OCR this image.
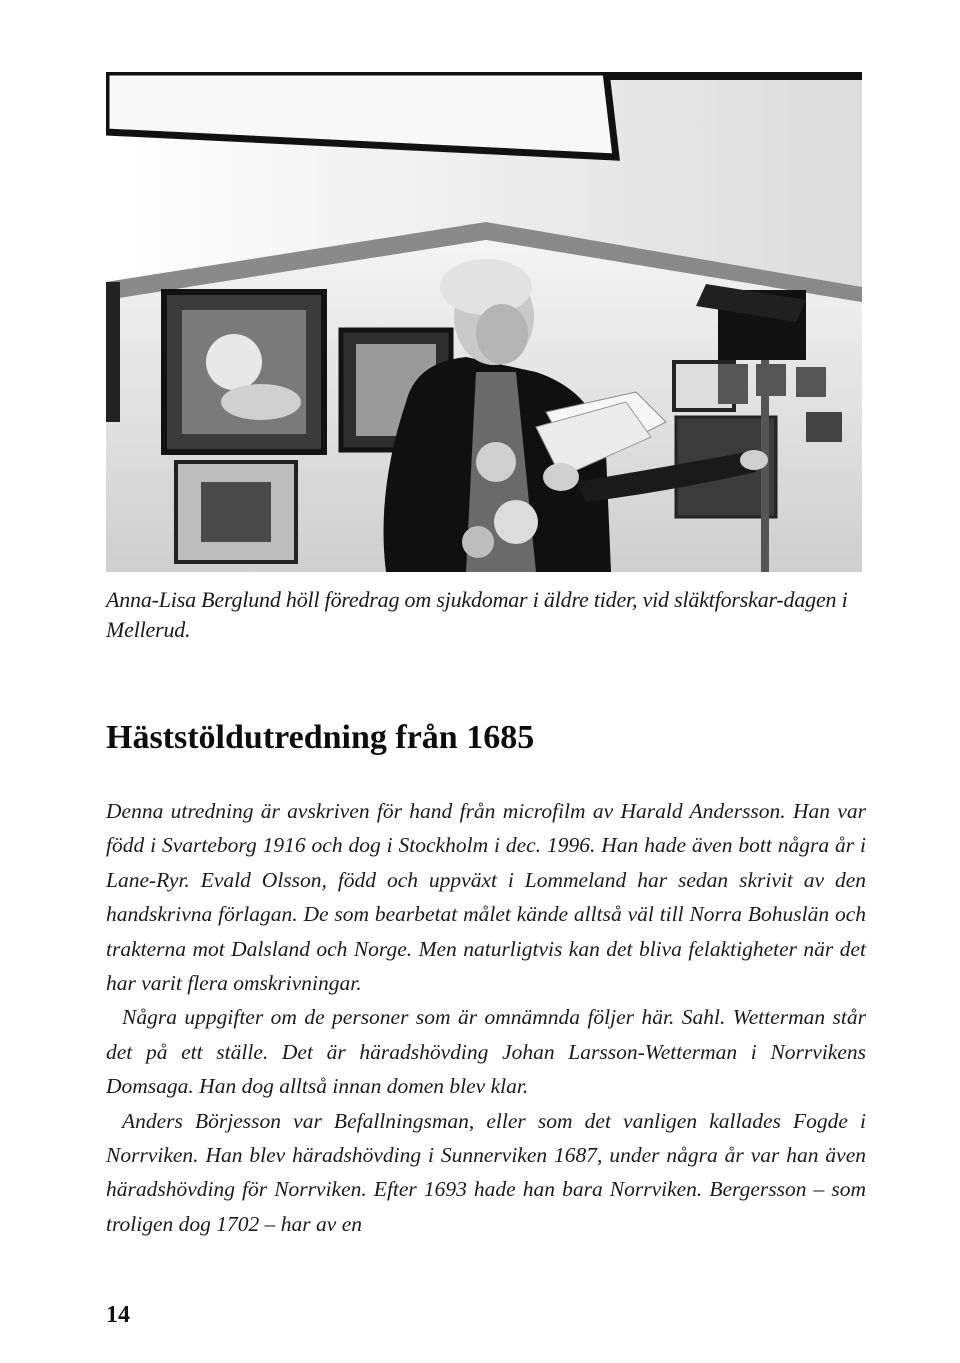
Anna-Lisa Berglund höll föredrag om sjukdomar i äldre tider, vid släktforskar-dagen i Mellerud.
Häststöldutredning från 1685

Denna utredning är avskriven för hand från microfilm av Harald Andersson. Han var född i Svarteborg 1916 och dog i Stockholm i dec. 1996. Han hade även bott några år i Lane-Ryr. Evald Olsson, född och uppväxt i Lommeland har sedan skrivit av den handskrivna förlagan. De som bearbetat målet kände alltså väl till Norra Bohuslän och trakterna mot Dalsland och Norge. Men naturligtvis kan det bliva felaktigheter när det har varit flera omskrivningar.

Några uppgifter om de personer som är omnämnda följer här. Sahl. Wetterman står det på ett ställe. Det är häradshövding Johan Larsson-Wetterman i Norrvikens Domsaga. Han dog alltså innan domen blev klar.

Anders Börjesson var Befallningsman, eller som det vanligen kallades Fogde i Norrviken. Han blev häradshövding i Sunnerviken 1687, under några år var han även häradshövding för Norrviken. Efter 1693 hade han bara Norrviken. Bergersson – som troligen dog 1702 – har av en

14
